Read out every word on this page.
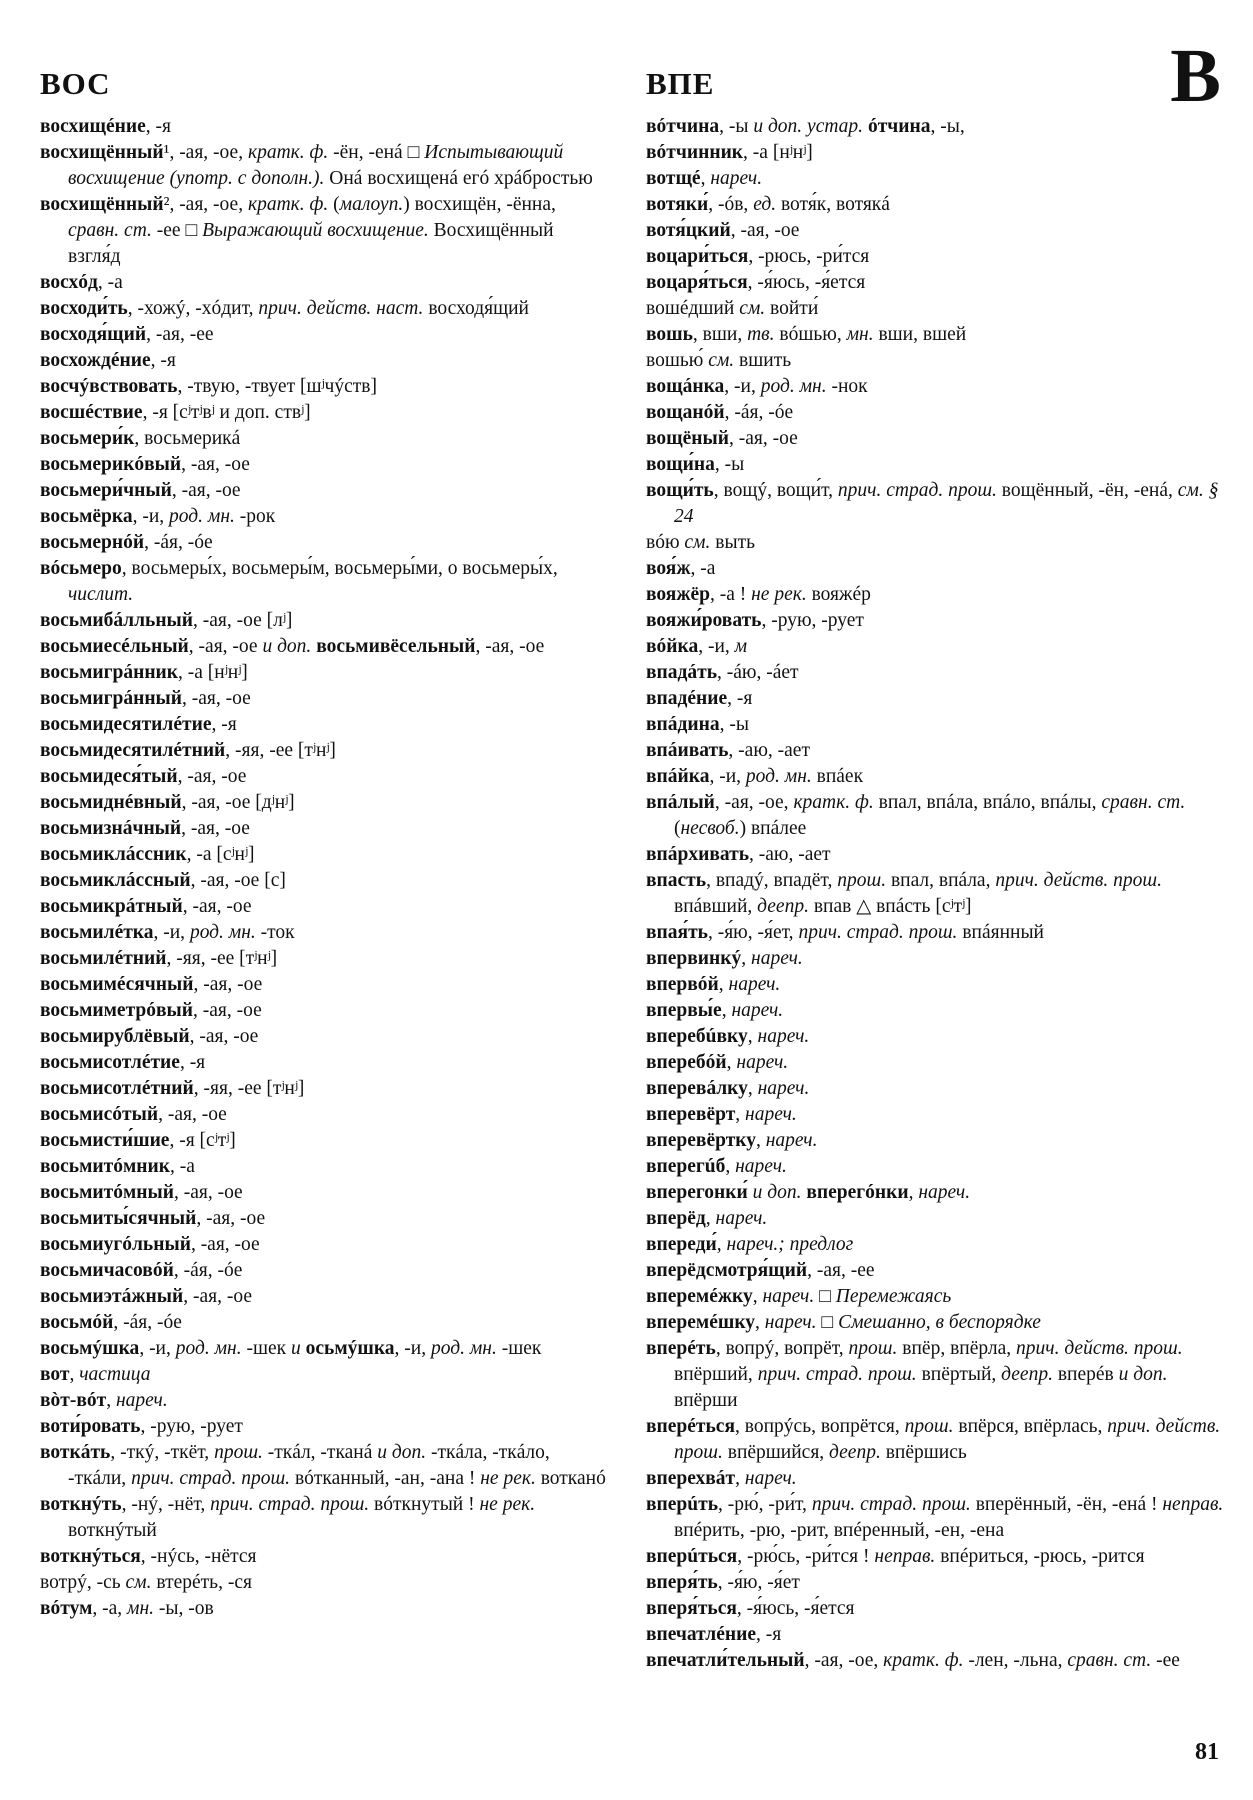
ВОС	ВПЕ	В
восхищéние, -я
восхищённый¹, -ая, -ое, кратк. ф. -ён, -енá □ Испытывающий восхищение (употр. с дополн.). Онá восхищенá егó хрáбростью
восхищённый², -ая, -ое, кратк. ф. (малоуп.) восхищён, -ённа, сравн. ст. -ее □ Выражающий восхищение. Восхищённый взгля́д
восхóд, -а
восходи́ть, -хожý, -хóдит, прич. действ. наст. восходя́щий
восходя́щий, -ая, -ее
восхождéние, -я
восчýвствовать, -твую, -твует [шʲчýств]
восшéствие, -я [сʲтʲвʲ и доп. ствʲ]
восьмери́к, восьмерикá
восьмерикóвый, -ая, -ое
восьмери́чный, -ая, -ое
восьмёрка, -и, род. мн. -рок
восьмернóй, -áя, -óе
вóсьмеро, восьмеры́х, восьмеры́м, восьмеры́ми, о восьмеры́х, числит.
восьмибáлльный, -ая, -ое [лʲ]
восьмиесéльный, -ая, -ое и доп. восьмивёсельный, -ая, -ое
восьмигрáнник, -а [нʲнʲ]
восьмигрáнный, -ая, -ое
восьмидесятилéтие, -я
восьмидесятилéтний, -яя, -ее [тʲнʲ]
восьмидеся́тый, -ая, -ое
восьмиднéвный, -ая, -ое [дʲнʲ]
восьмизнáчный, -ая, -ое
восьмиклáссник, -а [сʲнʲ]
восьмиклáссный, -ая, -ое [с]
восьмикрáтный, -ая, -ое
восьмилéтка, -и, род. мн. -ток
восьмилéтний, -яя, -ее [тʲнʲ]
восьмимéсячный, -ая, -ое
восьмиметрóвый, -ая, -ое
восьмирублёвый, -ая, -ое
восьмисотлéтие, -я
восьмисотлéтний, -яя, -ее [тʲнʲ]
восьмисóтый, -ая, -ое
восьмисти́шие, -я [сʲтʲ]
восьмитóмник, -а
восьмитóмный, -ая, -ое
восьмиты́сячный, -ая, -ое
восьмиугóльный, -ая, -ое
восьмичасовóй, -áя, -óе
восьмиэтáжный, -ая, -ое
восьмóй, -áя, -óе
восьмýшка, -и, род. мн. -шек и осьмýшка, -и, род. мн. -шек
вот, частица
вòт-вóт, нареч.
воти́ровать, -рую, -рует
воткáть, -ткý, -ткёт, прош. -ткáл, -тканá и доп. -ткáла, -ткáло, -ткáли, прич. страд. прош. вóтканный, -ан, -ана ! не рек. вотканó
воткнýть, -нý, -нёт, прич. страд. прош. вóткнутый ! не рек. воткнýтый
воткнýться, -нýсь, -нётся
вотрý, -сь см. втерéть, -ся
вóтум, -а, мн. -ы, -ов
вóтчина, -ы и доп. устар. óтчина, -ы,
вóтчинник, -а [нʲнʲ]
вотщé, нареч.
вотяки́, -óв, ед. вотя́к, вотякá
вотя́цкий, -ая, -ое
воцари́ться, -рюсь, -ри́тся
воцаря́ться, -я́юсь, -я́ется
вошéдший см. войти́
вошь, вши, тв. вóшью, мн. вши, вшей
вошью́ см. вшить
вощáнка, -и, род. мн. -нок
вощанóй, -áя, -óе
вощёный, -ая, -ое
вощи́на, -ы
вощи́ть, вощý, вощи́т, прич. страд. прош. вощённый, -ён, -енá, см. § 24
вóю см. выть
воя́ж, -а
вояжёр, -а ! не рек. вояжéр
вояжи́ровать, -рую, -рует
вóйка, -и, м
впадáть, -áю, -áет
впадéние, -я
впáдина, -ы
впáивать, -аю, -ает
впáйка, -и, род. мн. впáек
впáлый, -ая, -ое, кратк. ф. впал, впáла, впáло, впáлы, сравн. ст. (несвоб.) впáлее
впáрхивать, -аю, -ает
впасть, впадý, впадёт, прош. впал, впáла, прич. действ. прош. впáвший, деепр. впав △ впáсть [сʲтʲ]
впая́ть, -я́ю, -я́ет, прич. страд. прош. впáянный
впервинкý, нареч.
впервóй, нареч.
впервы́е, нареч.
вперебúвку, нареч.
вперебóй, нареч.
вперевáлку, нареч.
вперевёрт, нареч.
вперевёртку, нареч.
вперегúб, нареч.
вперегонки́ и доп. вперегóнки, нареч.
вперёд, нареч.
впереди́, нареч.; предлог
вперёдсмотря́щий, -ая, -ее
вперемéжку, нареч. □ Перемежаясь
вперемéшку, нареч. □ Смешанно, в беспорядке
вперéть, вопрý, вопрёт, прош. впёр, впёрла, прич. действ. прош. впёрший, прич. страд. прош. впёртый, деепр. вперéв и доп. впёрши
вперéться, вопрýсь, вопрётся, прош. впёрся, впёрлась, прич. действ. прош. впёршийся, деепр. впёршись
вперехвáт, нареч.
вперúть, -рю́, -ри́т, прич. страд. прош. вперённый, -ён, -енá ! неправ. впéрить, -рю, -рит, впéренный, -ен, -ена
вперúться, -рю́сь, -ри́тся ! неправ. впéриться, -рюсь, -рится
вперя́ть, -я́ю, -я́ет
вперя́ться, -я́юсь, -я́ется
впечатлéние, -я
впечатли́тельный, -ая, -ое, кратк. ф. -лен, -льна, сравн. ст. -ее
81
